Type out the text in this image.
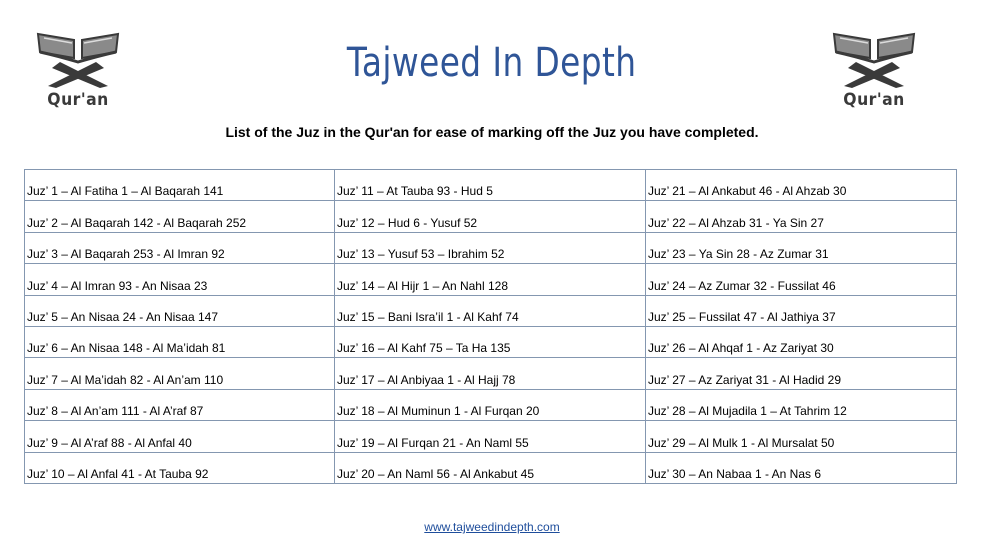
Qur'an
Tajweed In Depth
Qur'an
List of the Juz in the Qur'an for ease of marking off the Juz you have completed.
Juz’ 1 – Al Fatiha 1 – Al Baqarah 141	Juz’ 11 – At Tauba 93 - Hud 5	Juz’ 21 – Al Ankabut 46 - Al Ahzab 30
Juz’ 2 – Al Baqarah 142 - Al Baqarah 252	Juz’ 12 – Hud 6 - Yusuf 52	Juz’ 22 – Al Ahzab 31 - Ya Sin 27
Juz’ 3 – Al Baqarah 253 - Al Imran 92	Juz’ 13 – Yusuf 53 – Ibrahim 52	Juz’ 23 – Ya Sin 28 - Az Zumar 31
Juz’ 4 – Al Imran 93 - An Nisaa 23	Juz’ 14 – Al Hijr 1 – An Nahl 128	Juz’ 24 – Az Zumar 32 - Fussilat 46
Juz’ 5 – An Nisaa 24 - An Nisaa 147	Juz’ 15 – Bani Isra’il 1 - Al Kahf 74	Juz’ 25 – Fussilat 47 - Al Jathiya 37
Juz’ 6 – An Nisaa 148 - Al Ma’idah 81	Juz’ 16 – Al Kahf 75 – Ta Ha 135	Juz’ 26 – Al Ahqaf 1 - Az Zariyat 30
Juz’ 7 – Al Ma’idah 82 - Al An’am 110	Juz’ 17 – Al Anbiyaa 1 - Al Hajj 78	Juz’ 27 – Az Zariyat 31 - Al Hadid 29
Juz’ 8 – Al An’am 111 - Al A’raf 87	Juz’ 18 – Al Muminun 1 - Al Furqan 20	Juz’ 28 – Al Mujadila 1 – At Tahrim 12
Juz’ 9 – Al A’raf 88 - Al Anfal 40	Juz’ 19 – Al Furqan 21 - An Naml 55	Juz’ 29 – Al Mulk 1 - Al Mursalat 50
Juz’ 10 – Al Anfal 41 - At Tauba 92	Juz’ 20 – An Naml 56 - Al Ankabut 45	Juz’ 30 – An Nabaa 1 - An Nas 6
www.tajweedindepth.com
